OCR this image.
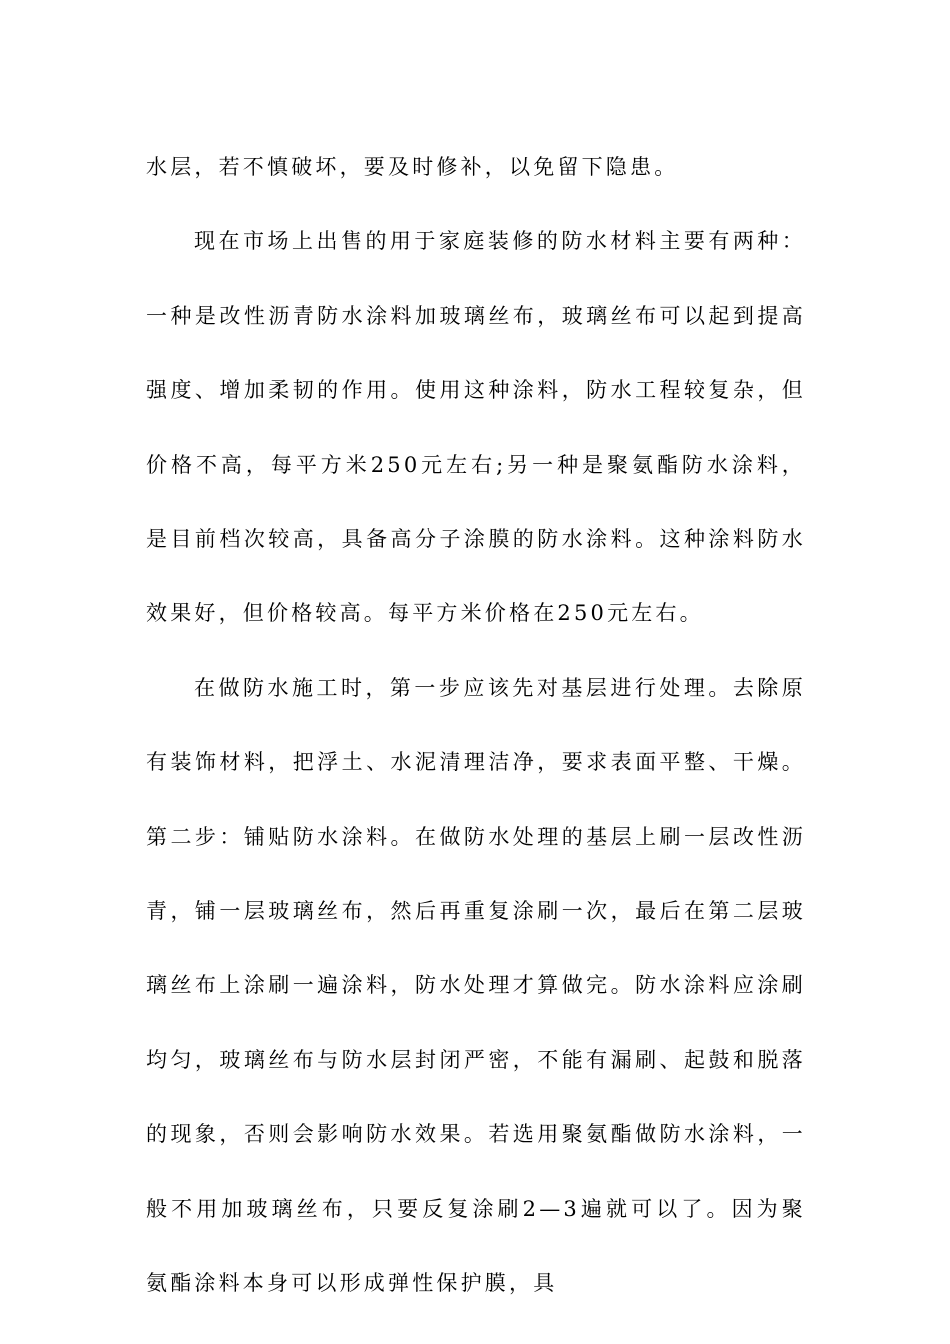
水层，若不慎破坏，要及时修补，以免留下隐患。

现在市场上出售的用于家庭装修的防水材料主要有两种：一种是改性沥青防水涂料加玻璃丝布，玻璃丝布可以起到提高强度、增加柔韧的作用。使用这种涂料，防水工程较复杂，但价格不高，每平方米250元左右;另一种是聚氨酯防水涂料，是目前档次较高，具备高分子涂膜的防水涂料。这种涂料防水效果好，但价格较高。每平方米价格在250元左右。

在做防水施工时，第一步应该先对基层进行处理。去除原有装饰材料，把浮土、水泥清理洁净，要求表面平整、干燥。第二步：铺贴防水涂料。在做防水处理的基层上刷一层改性沥青，铺一层玻璃丝布，然后再重复涂刷一次，最后在第二层玻璃丝布上涂刷一遍涂料，防水处理才算做完。防水涂料应涂刷均匀，玻璃丝布与防水层封闭严密，不能有漏刷、起鼓和脱落的现象，否则会影响防水效果。若选用聚氨酯做防水涂料，一般不用加玻璃丝布，只要反复涂刷2—3遍就可以了。因为聚氨酯涂料本身可以形成弹性保护膜，具
